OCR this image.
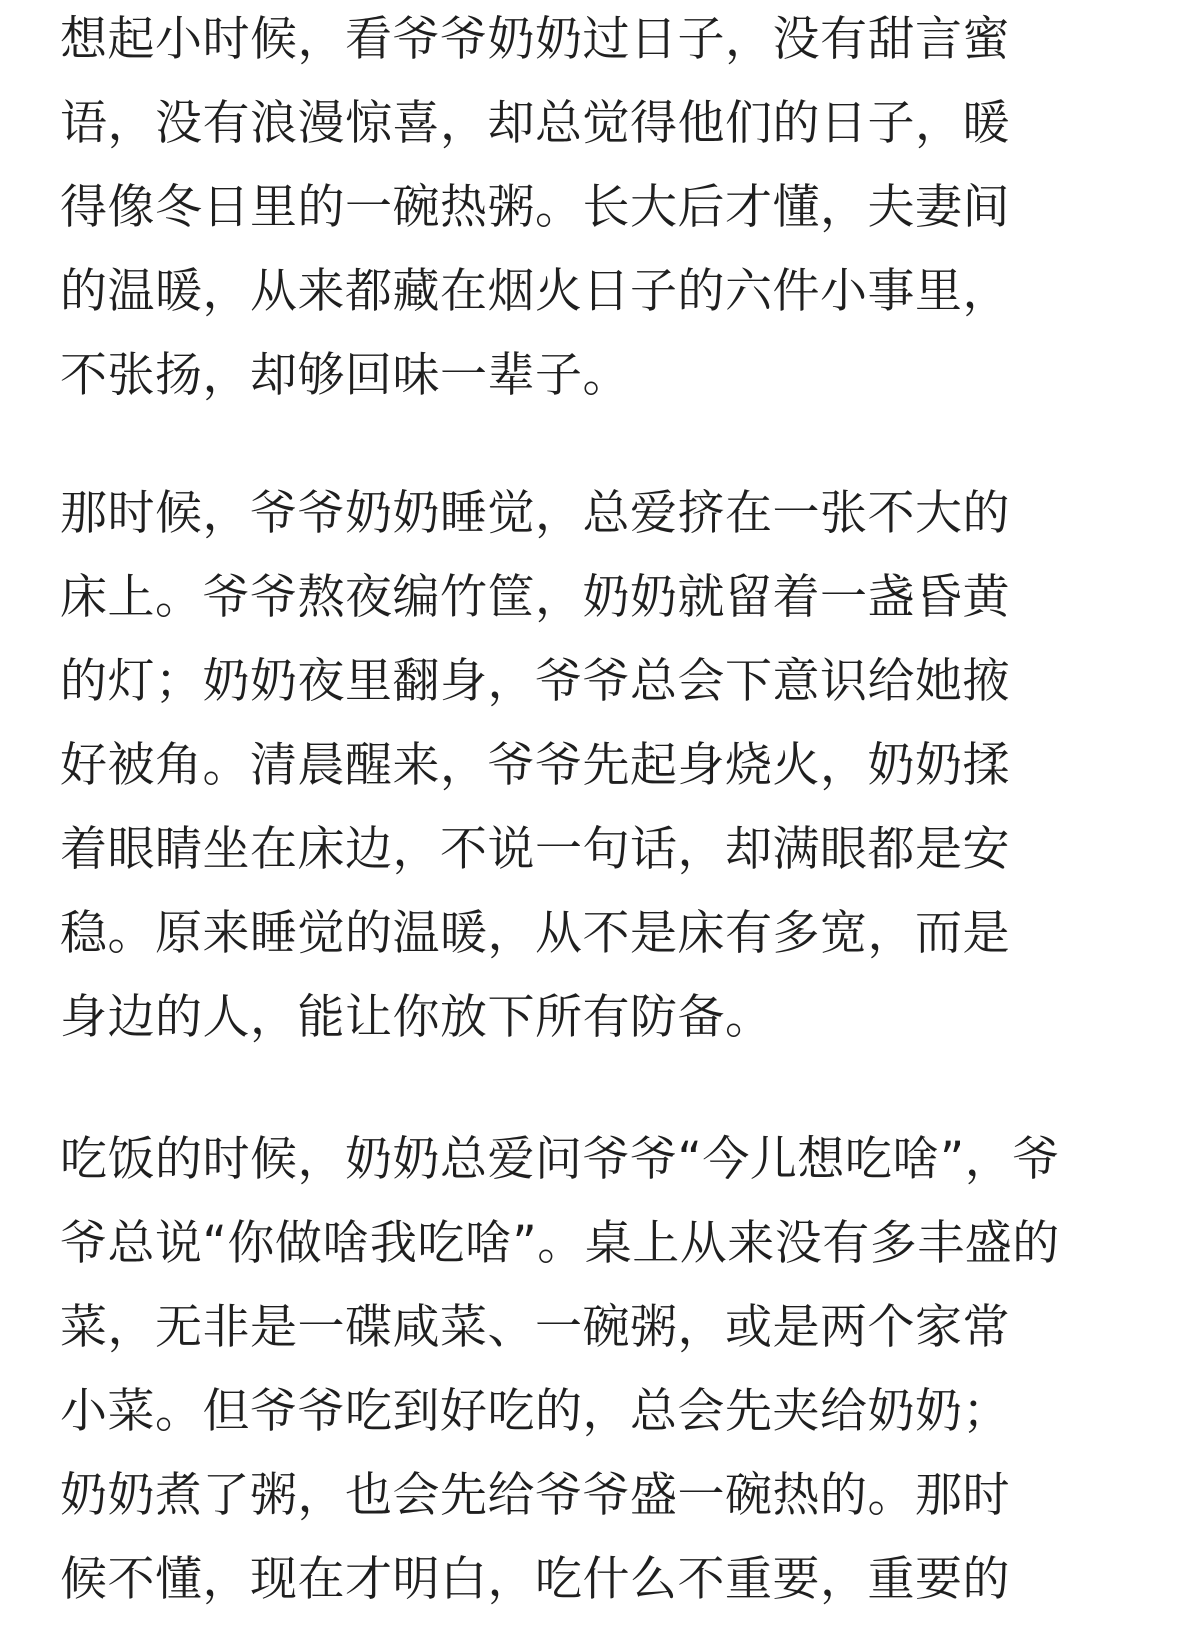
想起小时候，看爷爷奶奶过日子，没有甜言蜜
语，没有浪漫惊喜，却总觉得他们的日子，暖
得像冬日里的一碗热粥。长大后才懂，夫妻间
的温暖，从来都藏在烟火日子的六件小事里，
不张扬，却够回味一辈子。
那时候，爷爷奶奶睡觉，总爱挤在一张不大的
床上。爷爷熬夜编竹筐，奶奶就留着一盏昏黄
的灯；奶奶夜里翻身，爷爷总会下意识给她掖
好被角。清晨醒来，爷爷先起身烧火，奶奶揉
着眼睛坐在床边，不说一句话，却满眼都是安
稳。原来睡觉的温暖，从不是床有多宽，而是
身边的人，能让你放下所有防备。
吃饭的时候，奶奶总爱问爷爷“今儿想吃啥”，爷
爷总说“你做啥我吃啥”。桌上从来没有多丰盛的
菜，无非是一碟咸菜、一碗粥，或是两个家常
小菜。但爷爷吃到好吃的，总会先夹给奶奶；
奶奶煮了粥，也会先给爷爷盛一碗热的。那时
候不懂，现在才明白，吃什么不重要，重要的
